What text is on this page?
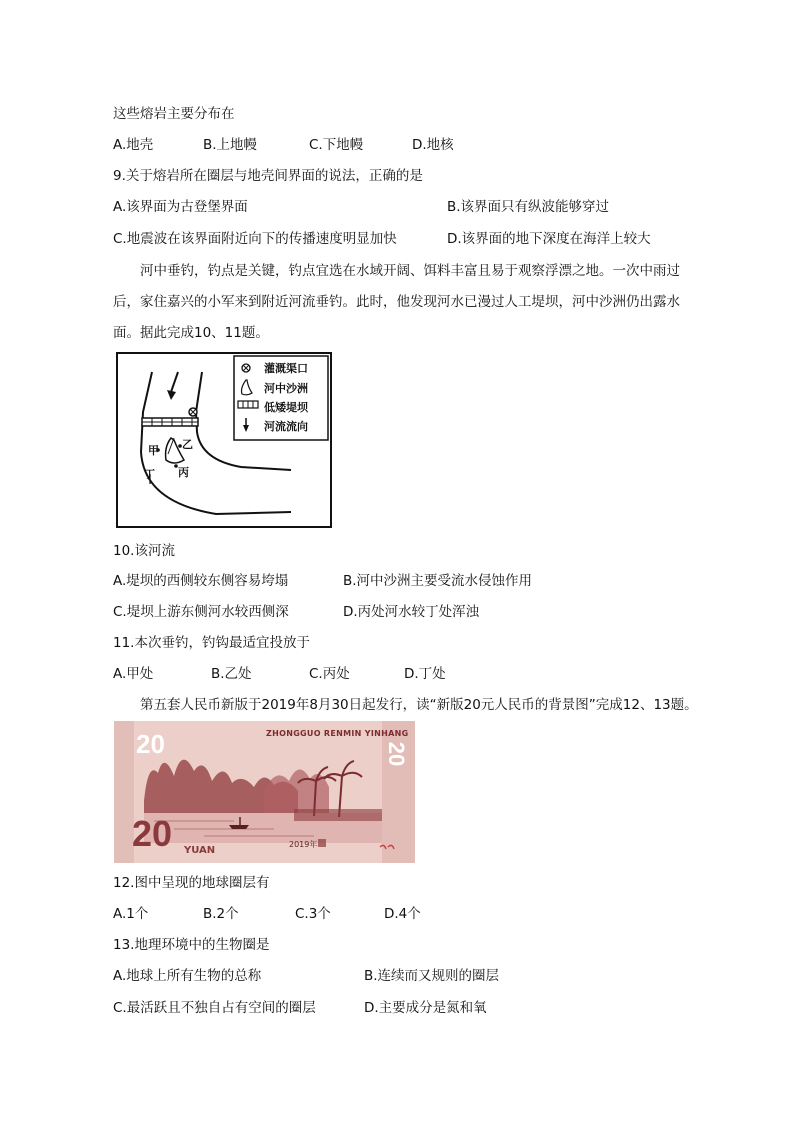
这些熔岩主要分布在
A.地壳	B.上地幔	C.下地幔	D.地核
9.关于熔岩所在圈层与地壳间界面的说法，正确的是
A.该界面为古登堡界面	B.该界面只有纵波能够穿过
C.地震波在该界面附近向下的传播速度明显加快	D.该界面的地下深度在海洋上较大
河中垂钓，钓点是关键，钓点宜选在水域开阔、饵料丰富且易于观察浮漂之地。一次中雨过后，家住嘉兴的小军来到附近河流垂钓。此时，他发现河水已漫过人工堤坝，河中沙洲仍出露水面。据此完成10、11题。
灌溉渠口
河中沙洲
低矮堤坝
河流流向
甲 乙
丙
丁
10.该河流
A.堤坝的西侧较东侧容易垮塌	B.河中沙洲主要受流水侵蚀作用
C.堤坝上游东侧河水较西侧深	D.丙处河水较丁处浑浊
11.本次垂钓，钓钩最适宜投放于
A.甲处	B.乙处	C.丙处	D.丁处
第五套人民币新版于2019年8月30日起发行，读“新版20元人民币的背景图”完成12、13题。
ZHONGGUO RENMIN YINHANG
20	20
20 YUAN
2019年
12.图中呈现的地球圈层有
A.1个	B.2个	C.3个	D.4个
13.地理环境中的生物圈是
A.地球上所有生物的总称	B.连续而又规则的圈层
C.最活跃且不独自占有空间的圈层	D.主要成分是氮和氧
